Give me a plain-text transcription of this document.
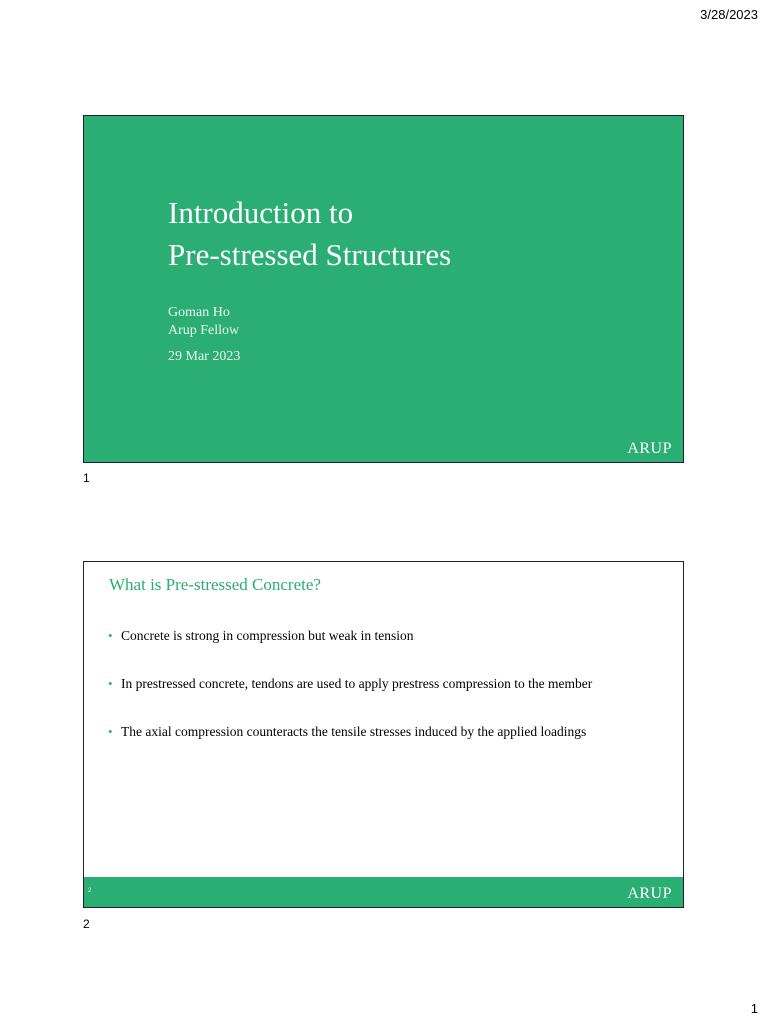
3/28/2023
Introduction to
Pre-stressed Structures
Goman Ho
Arup Fellow
29 Mar 2023
ARUP
1
What is Pre-stressed Concrete?
• Concrete is strong in compression but weak in tension
• In prestressed concrete, tendons are used to apply prestress compression to the member
• The axial compression counteracts the tensile stresses induced by the applied loadings
2	ARUP
2
1
